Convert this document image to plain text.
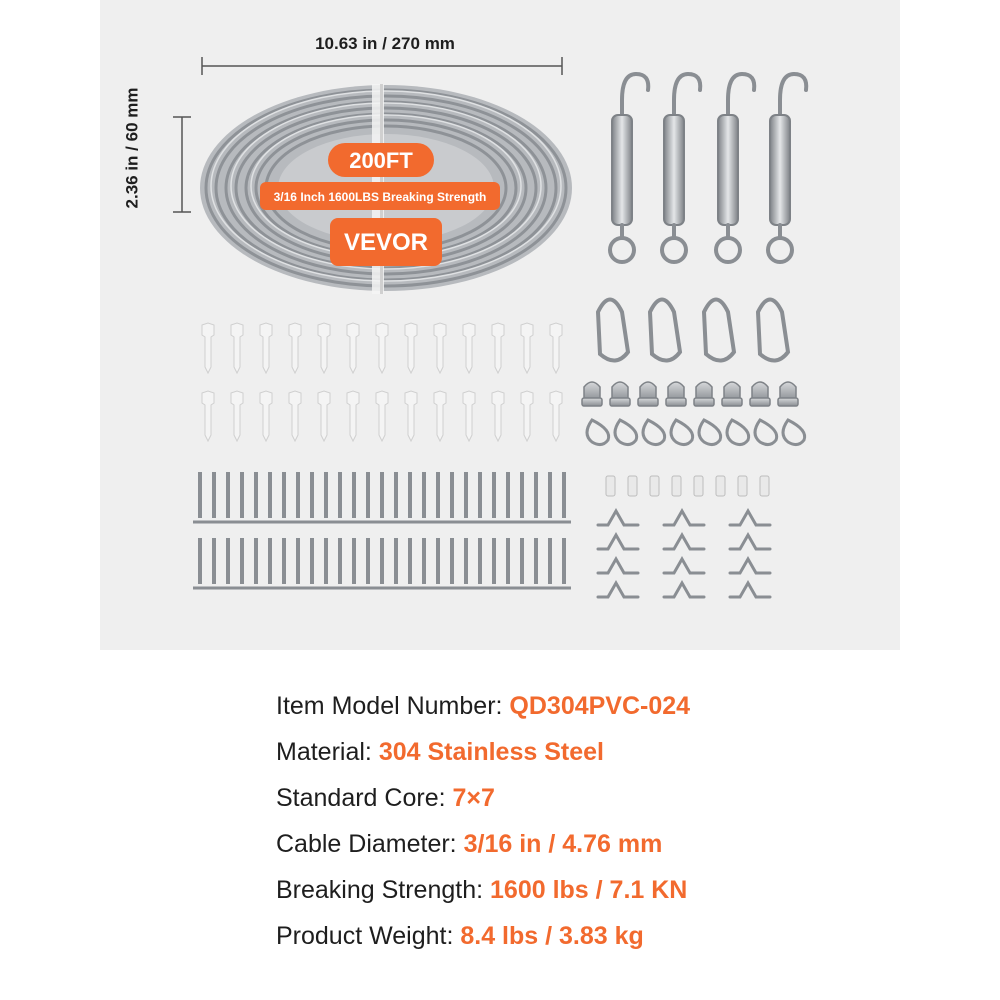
200FT
3/16 Inch 1600LBS Breaking Strength
VEVOR
10.63 in / 270 mm
2.36 in / 60 mm
Item Model Number: QD304PVC-024
Material: 304 Stainless Steel
Standard Core: 7×7
Cable Diameter: 3/16 in / 4.76 mm
Breaking Strength: 1600 lbs / 7.1 KN
Product Weight: 8.4 lbs / 3.83 kg
